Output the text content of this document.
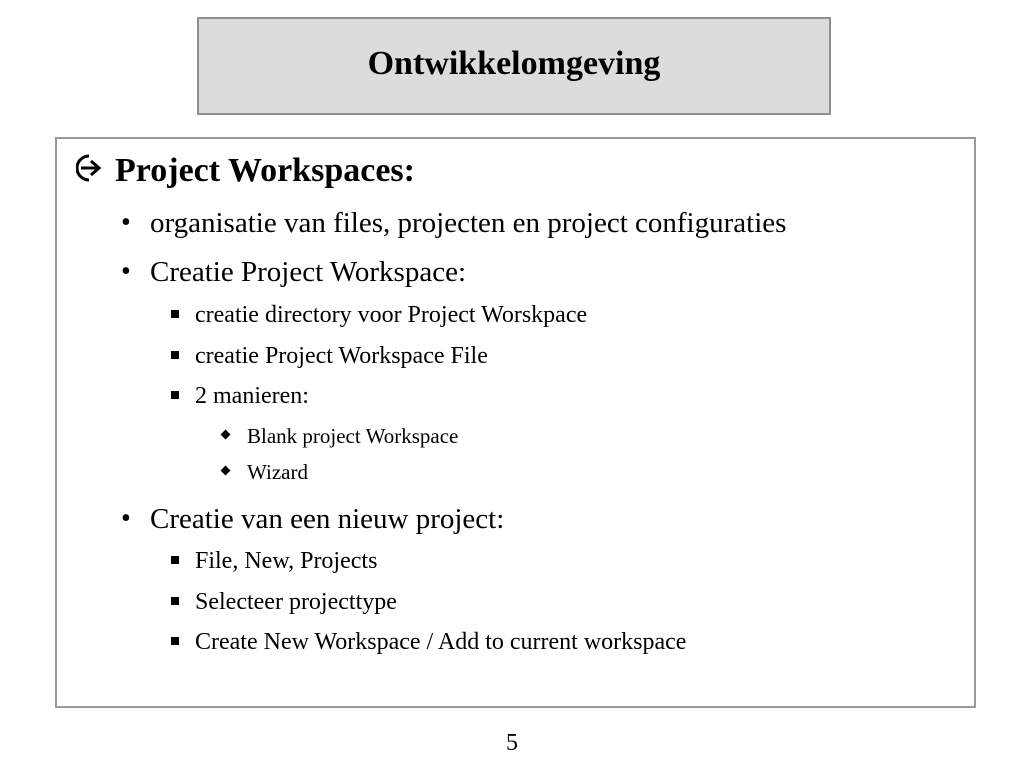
Ontwikkelomgeving
Project Workspaces:
• organisatie van files, projecten en project configuraties
• Creatie Project Workspace:
creatie directory voor Project Worskpace
creatie Project Workspace File
2 manieren:
Blank project Workspace
Wizard
• Creatie van een nieuw project:
File, New, Projects
Selecteer projecttype
Create New Workspace / Add to current workspace
5
